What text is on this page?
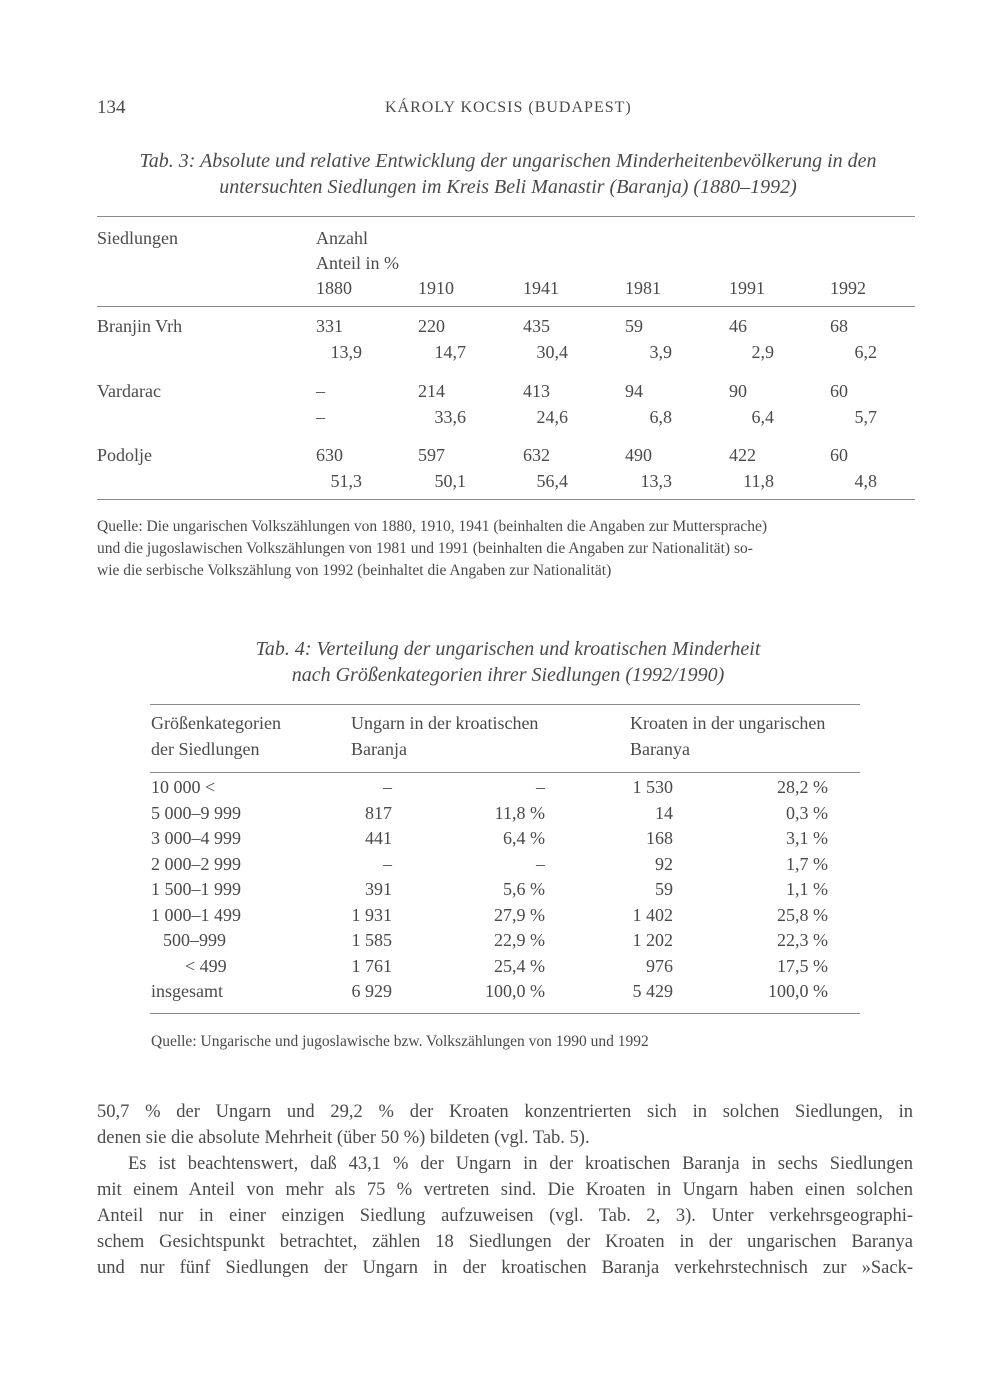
134	KÁROLY KOCSIS (BUDAPEST)
Tab. 3: Absolute und relative Entwicklung der ungarischen Minderheitenbevölkerung in den
untersuchten Siedlungen im Kreis Beli Manastir (Baranja) (1880–1992)
Siedlungen	Anzahl
Anteil in %
1880	1910	1941	1981	1991	1992
Branjin Vrh	331	220	435	59	46	68
13,9	14,7	30,4	3,9	2,9	6,2
Vardarac	–	214	413	94	90	60
–	33,6	24,6	6,8	6,4	5,7
Podolje	630	597	632	490	422	60
51,3	50,1	56,4	13,3	11,8	4,8
Quelle: Die ungarischen Volkszählungen von 1880, 1910, 1941 (beinhalten die Angaben zur Muttersprache)
und die jugoslawischen Volkszählungen von 1981 und 1991 (beinhalten die Angaben zur Nationalität) so-
wie die serbische Volkszählung von 1992 (beinhaltet die Angaben zur Nationalität)
Tab. 4: Verteilung der ungarischen und kroatischen Minderheit
nach Größenkategorien ihrer Siedlungen (1992/1990)
Größenkategorien
der Siedlungen
Ungarn in der kroatischen
Baranja
Kroaten in der ungarischen
Baranya
10 000 <	–	–	1 530	28,2 %
5 000–9 999	817	11,8 %	14	0,3 %
3 000–4 999	441	6,4 %	168	3,1 %
2 000–2 999	–	–	92	1,7 %
1 500–1 999	391	5,6 %	59	1,1 %
1 000–1 499	1 931	27,9 %	1 402	25,8 %
500–999	1 585	22,9 %	1 202	22,3 %
< 499	1 761	25,4 %	976	17,5 %
insgesamt	6 929	100,0 %	5 429	100,0 %
Quelle: Ungarische und jugoslawische bzw. Volkszählungen von 1990 und 1992
50,7 % der Ungarn und 29,2 % der Kroaten konzentrierten sich in solchen Siedlungen, in
denen sie die absolute Mehrheit (über 50 %) bildeten (vgl. Tab. 5).
Es ist beachtenswert, daß 43,1 % der Ungarn in der kroatischen Baranja in sechs Siedlungen
mit einem Anteil von mehr als 75 % vertreten sind. Die Kroaten in Ungarn haben einen solchen
Anteil nur in einer einzigen Siedlung aufzuweisen (vgl. Tab. 2, 3). Unter verkehrsgeographi-
schem Gesichtspunkt betrachtet, zählen 18 Siedlungen der Kroaten in der ungarischen Baranya
und nur fünf Siedlungen der Ungarn in der kroatischen Baranja verkehrstechnisch zur »Sack-
